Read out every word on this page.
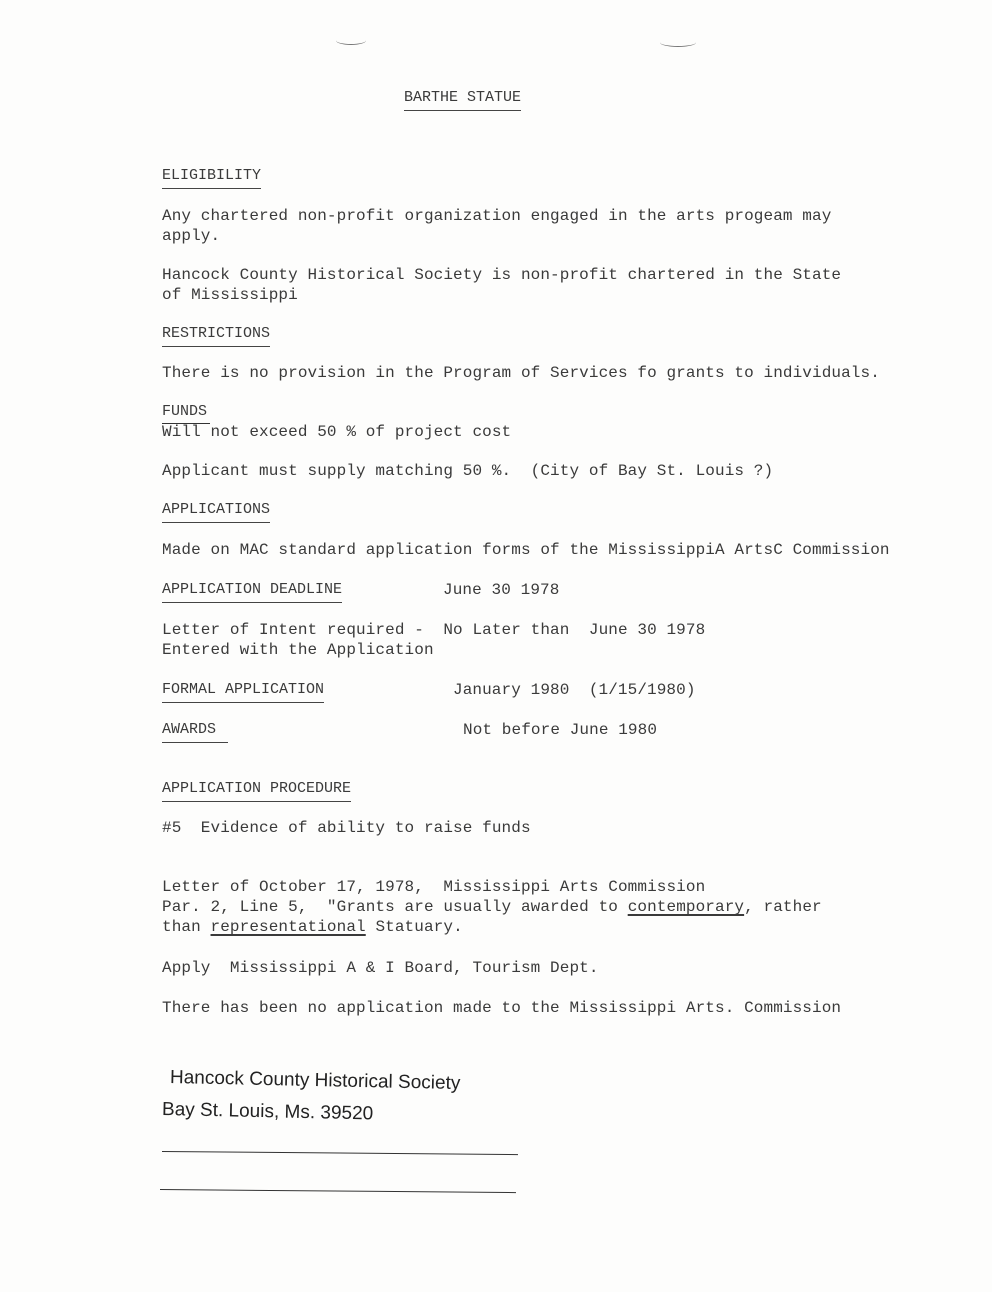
BARTHE STATUE
ELIGIBILITY
Any chartered non-profit organization engaged in the arts progeam may
apply.
Hancock County Historical Society is non-profit chartered in the State
of Mississippi
RESTRICTIONS
There is no provision in the Program of Services fo grants to individuals.
FUNDS
Will not exceed 50 % of project cost
Applicant must supply matching 50 %.  (City of Bay St. Louis ?)
APPLICATIONS
Made on MAC standard application forms of the MississippiA ArtsC Commission
APPLICATION DEADLINE	June 30 1978
Letter of Intent required -  No Later than  June 30 1978
Entered with the Application
FORMAL APPLICATION	January 1980  (1/15/1980)
AWARDS	Not before June 1980
APPLICATION PROCEDURE
#5  Evidence of ability to raise funds
Letter of October 17, 1978,  Mississippi Arts Commission
Par. 2, Line 5,  "Grants are usually awarded to contemporary, rather
than representational Statuary.
Apply  Mississippi A & I Board, Tourism Dept.
There has been no application made to the Mississippi Arts. Commission
Hancock County Historical Society
Bay St. Louis, Ms. 39520
